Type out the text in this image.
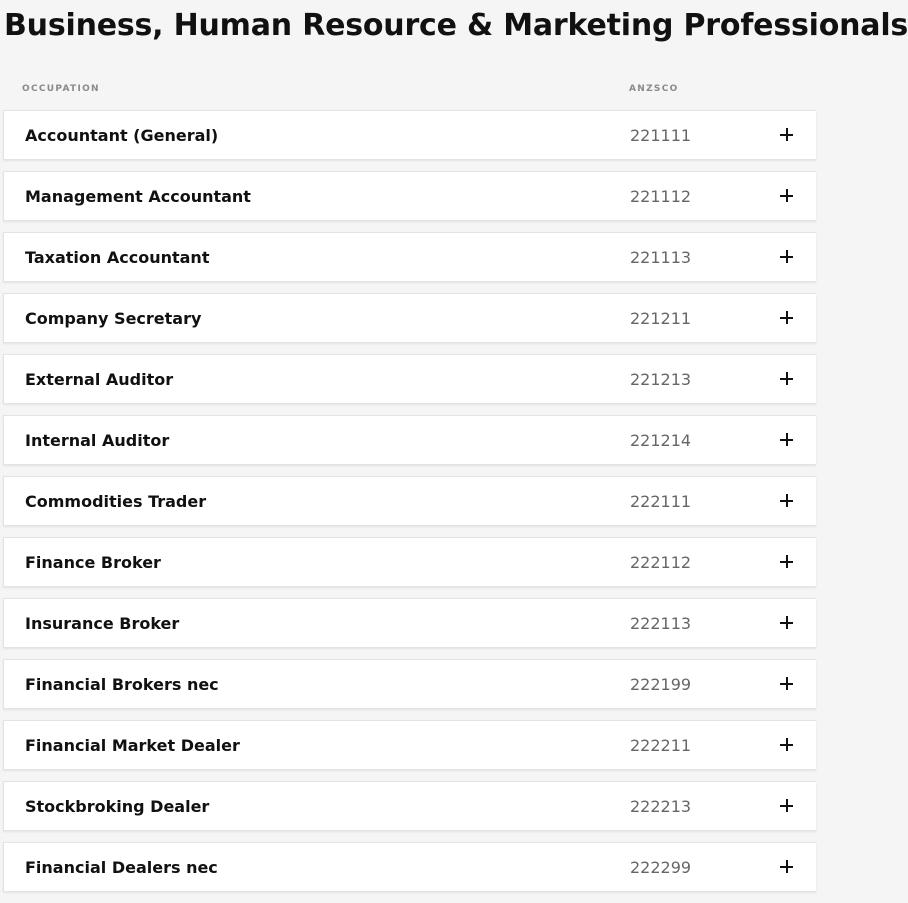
Business, Human Resource & Marketing Professionals
OCCUPATION	ANZSCO
Accountant (General)	221111
Management Accountant	221112
Taxation Accountant	221113
Company Secretary	221211
External Auditor	221213
Internal Auditor	221214
Commodities Trader	222111
Finance Broker	222112
Insurance Broker	222113
Financial Brokers nec	222199
Financial Market Dealer	222211
Stockbroking Dealer	222213
Financial Dealers nec	222299
